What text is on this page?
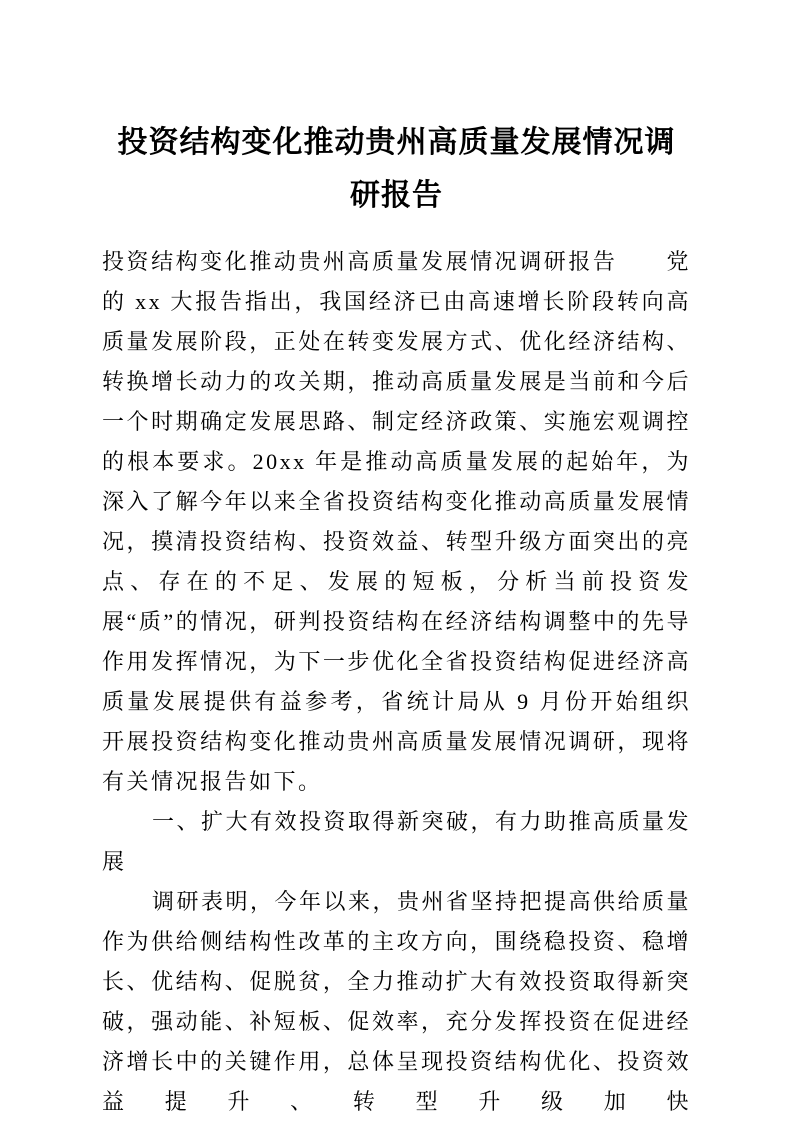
投资结构变化推动贵州高质量发展情况调
研报告

投资结构变化推动贵州高质量发展情况调研报告　　党的 xx 大报告指出，我国经济已由高速增长阶段转向高质量发展阶段，正处在转变发展方式、优化经济结构、转换增长动力的攻关期，推动高质量发展是当前和今后一个时期确定发展思路、制定经济政策、实施宏观调控的根本要求。20xx 年是推动高质量发展的起始年，为深入了解今年以来全省投资结构变化推动高质量发展情况，摸清投资结构、投资效益、转型升级方面突出的亮点、存在的不足、发展的短板，分析当前投资发展“质”的情况，研判投资结构在经济结构调整中的先导作用发挥情况，为下一步优化全省投资结构促进经济高质量发展提供有益参考，省统计局从 9 月份开始组织开展投资结构变化推动贵州高质量发展情况调研，现将有关情况报告如下。

一、扩大有效投资取得新突破，有力助推高质量发展

调研表明，今年以来，贵州省坚持把提高供给质量作为供给侧结构性改革的主攻方向，围绕稳投资、稳增长、优结构、促脱贫，全力推动扩大有效投资取得新突破，强动能、补短板、促效率，充分发挥投资在促进经济增长中的关键作用，总体呈现投资结构优化、投资效益提升、转型升级加快
